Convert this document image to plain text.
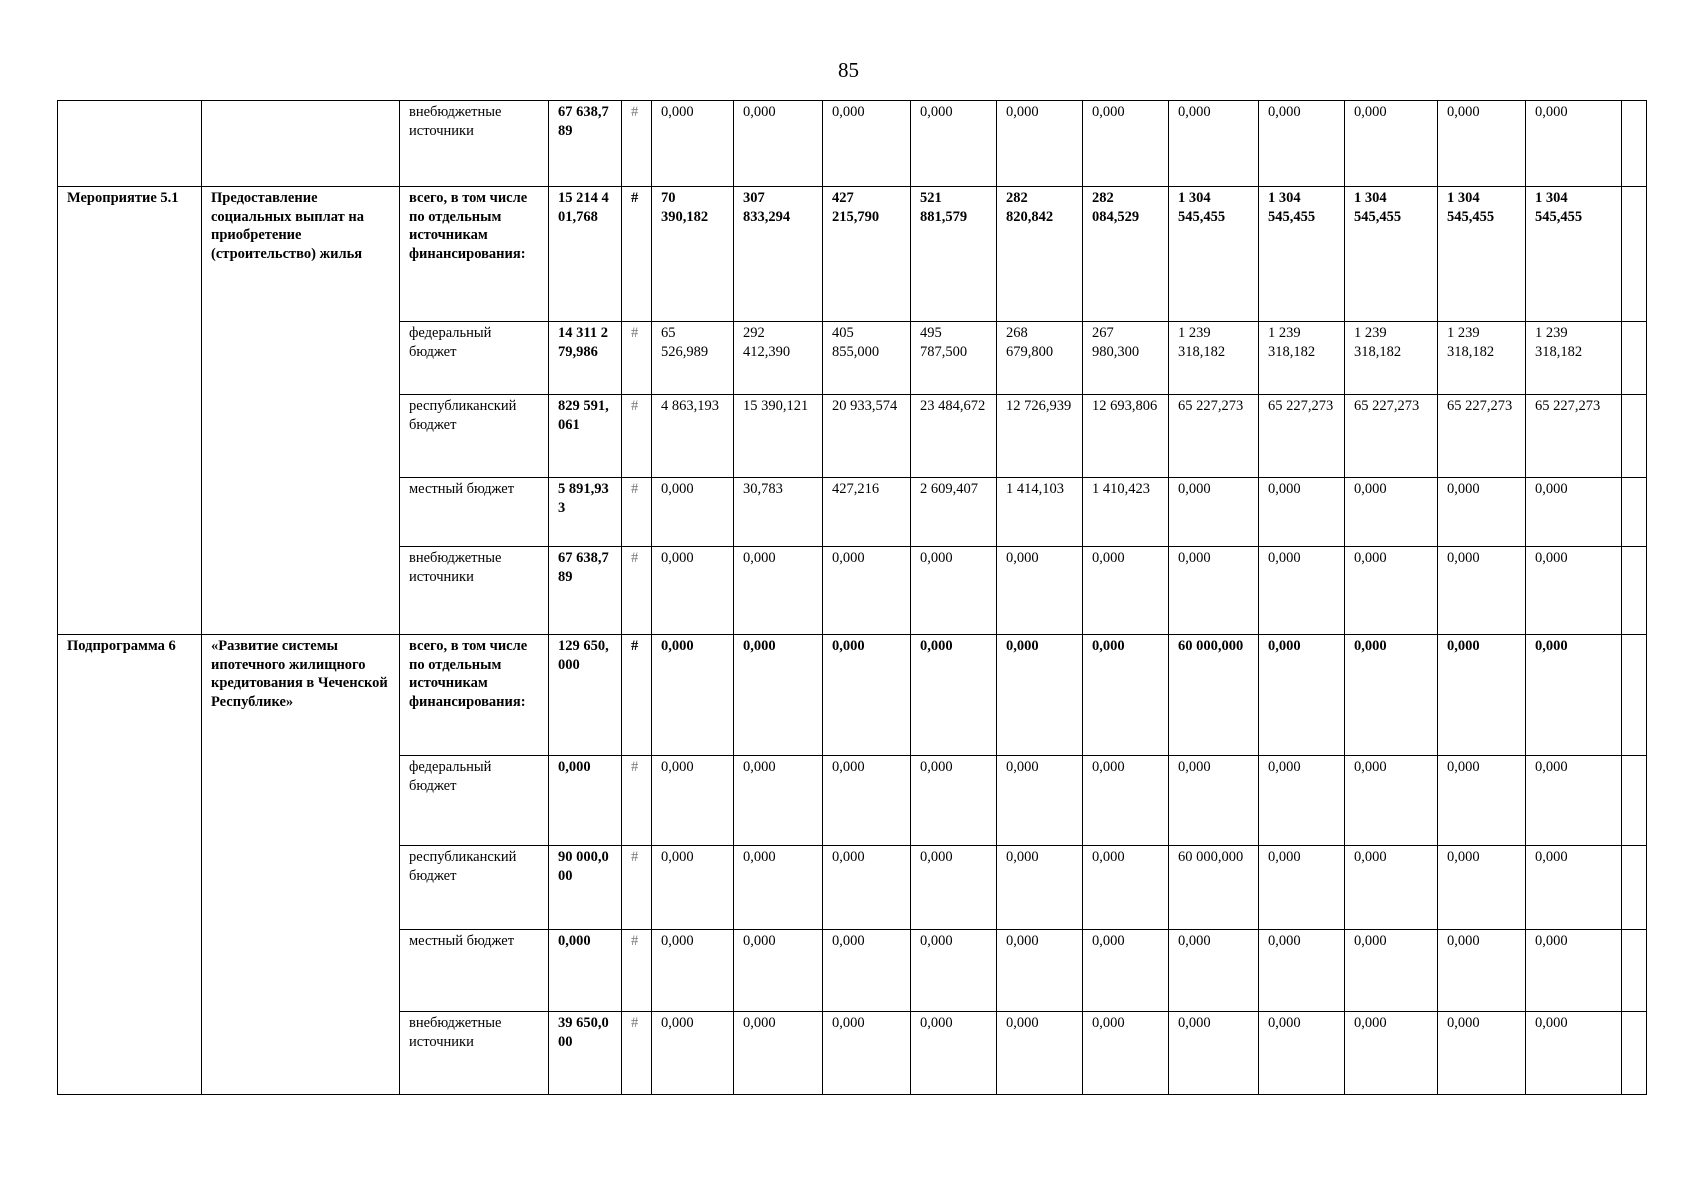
85
		внебюджетные источники	67 638,789	#	0,000	0,000	0,000	0,000	0,000	0,000	0,000	0,000	0,000	0,000	0,000	
Мероприятие 5.1	Предоставление социальных выплат на приобретение (строительство) жилья	всего, в том числе по отдельным источникам финансирования:	15 214 401,768	#	70 390,182	307 833,294	427 215,790	521 881,579	282 820,842	282 084,529	1 304 545,455	1 304 545,455	1 304 545,455	1 304 545,455	1 304 545,455	
		федеральный бюджет	14 311 279,986	#	65 526,989	292 412,390	405 855,000	495 787,500	268 679,800	267 980,300	1 239 318,182	1 239 318,182	1 239 318,182	1 239 318,182	1 239 318,182	
		республиканский бюджет	829 591,061	#	4 863,193	15 390,121	20 933,574	23 484,672	12 726,939	12 693,806	65 227,273	65 227,273	65 227,273	65 227,273	65 227,273	
		местный бюджет	5 891,933	#	0,000	30,783	427,216	2 609,407	1 414,103	1 410,423	0,000	0,000	0,000	0,000	0,000	
		внебюджетные источники	67 638,789	#	0,000	0,000	0,000	0,000	0,000	0,000	0,000	0,000	0,000	0,000	0,000	
Подпрограмма 6	«Развитие системы ипотечного жилищного кредитования в Чеченской Республике»	всего, в том числе по отдельным источникам финансирования:	129 650,000	#	0,000	0,000	0,000	0,000	0,000	0,000	60 000,000	0,000	0,000	0,000	0,000	
		федеральный бюджет	0,000	#	0,000	0,000	0,000	0,000	0,000	0,000	0,000	0,000	0,000	0,000	0,000	
		республиканский бюджет	90 000,000	#	0,000	0,000	0,000	0,000	0,000	0,000	60 000,000	0,000	0,000	0,000	0,000	
		местный бюджет	0,000	#	0,000	0,000	0,000	0,000	0,000	0,000	0,000	0,000	0,000	0,000	0,000	
		внебюджетные источники	39 650,000	#	0,000	0,000	0,000	0,000	0,000	0,000	0,000	0,000	0,000	0,000	0,000	
